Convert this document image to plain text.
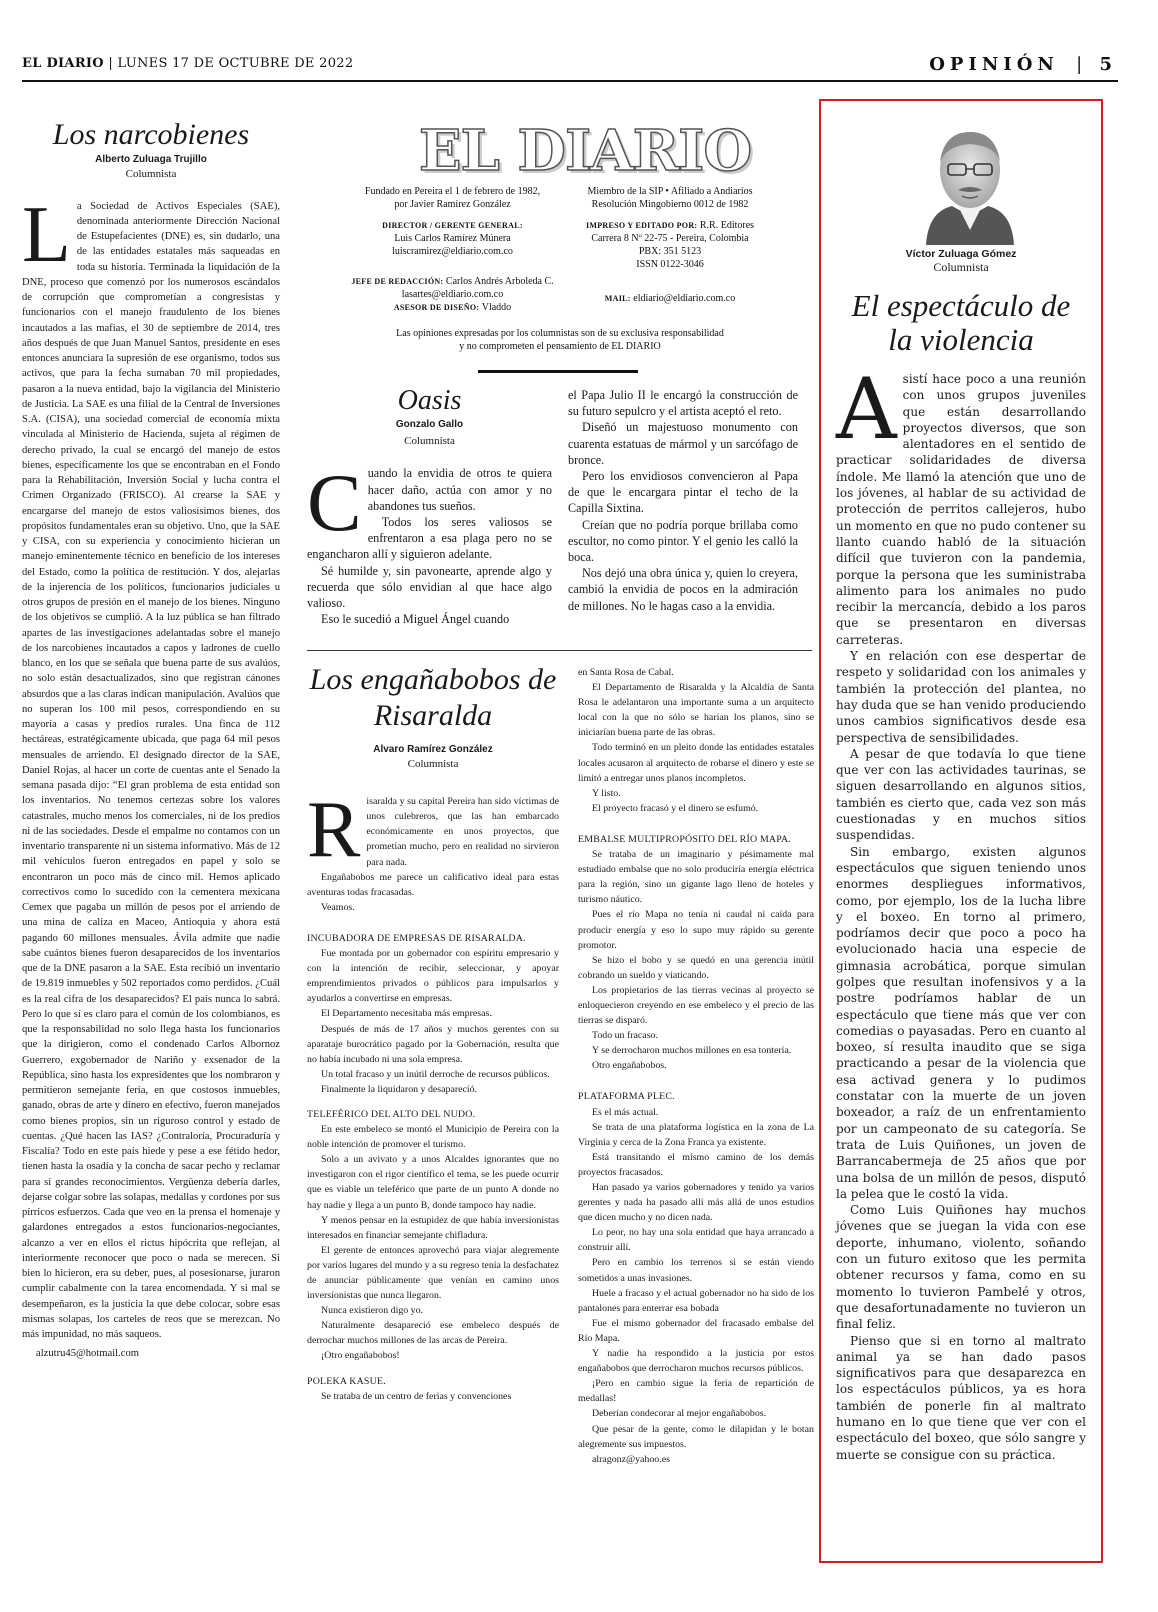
EL DIARIO | LUNES 17 DE OCTUBRE DE 2022	OPINIÓN | 5
Los narcobienes
Alberto Zuluaga Trujillo
Columnista

La Sociedad de Activos Especiales (SAE), denominada anteriormente Dirección Nacional de Estupefacientes (DNE) es, sin dudarlo, una de las entidades estatales más saqueadas en toda su historia. Terminada la liquidación de la DNE, proceso que comenzó por los numerosos escándalos de corrupción que comprometían a congresistas y funcionarios con el manejo fraudulento de los bienes incautados a las mafias, el 30 de septiembre de 2014, tres años después de que Juan Manuel Santos, presidente en eses entonces anunciara la supresión de ese organismo, todos sus activos, que para la fecha sumaban 70 mil propiedades, pasaron a la nueva entidad, bajo la vigilancia del Ministerio de Justicia. La SAE es una filial de la Central de Inversiones S.A. (CISA), una sociedad comercial de economía mixta vinculada al Ministerio de Hacienda, sujeta al régimen de derecho privado, la cual se encargó del manejo de estos bienes, específicamente los que se encontraban en el Fondo para la Rehabilitación, Inversión Social y lucha contra el Crimen Organizado (FRISCO). Al crearse la SAE y encargarse del manejo de estos valiosísimos bienes, dos propósitos fundamentales eran su objetivo. Uno, que la SAE y CISA, con su experiencia y conocimiento hicieran un manejo eminentemente técnico en beneficio de los intereses del Estado, como la política de restitución. Y dos, alejarlas de la injerencia de los políticos, funcionarios judiciales u otros grupos de presión en el manejo de los bienes. Ninguno de los objetivos se cumplió. A la luz pública se han filtrado apartes de las investigaciones adelantadas sobre el manejo de los narcobienes incautados a capos y ladrones de cuello blanco, en los que se señala que buena parte de sus avalúos, no solo están desactualizados, sino que registran cánones absurdos que a las claras indican manipulación. Avalúos que no superan los 100 mil pesos, correspondiendo en su mayoría a casas y predios rurales. Una finca de 112 hectáreas, estratégicamente ubicada, que paga 64 mil pesos mensuales de arriendo. El designado director de la SAE, Daniel Rojas, al hacer un corte de cuentas ante el Senado la semana pasada dijo: “El gran problema de esta entidad son los inventarios. No tenemos certezas sobre los valores catastrales, mucho menos los comerciales, ni de los predios ni de las sociedades. Desde el empalme no contamos con un inventario transparente ni un sistema informativo. Más de 12 mil vehículos fueron entregados en papel y solo se encontraron un poco más de cinco mil. Hemos aplicado correctivos como lo sucedido con la cementera mexicana Cemex que pagaba un millón de pesos por el arriendo de una mina de caliza en Maceo, Antioquia y ahora está pagando 60 millones mensuales. Ávila admite que nadie sabe cuántos bienes fueron desaparecidos de los inventarios que de la DNE pasaron a la SAE. Esta recibió un inventario de 19.819 inmuebles y 502 reportados como perdidos. ¿Cuál es la real cifra de los desaparecidos? El país nunca lo sabrá. Pero lo que sí es claro para el común de los colombianos, es que la responsabilidad no solo llega hasta los funcionarios que la dirigieron, como el condenado Carlos Albornoz Guerrero, exgobernador de Nariño y exsenador de la República, sino hasta los expresidentes que los nombraron y permitieron semejante feria, en que costosos inmuebles, ganado, obras de arte y dinero en efectivo, fueron manejados como bienes propios, sin un riguroso control y estado de cuentas. ¿Qué hacen las IAS? ¿Contraloría, Procuraduría y Fiscalía? Todo en este país hiede y pese a ese fétido hedor, tienen hasta la osadía y la concha de sacar pecho y reclamar para sí grandes reconocimientos. Vergüenza debería darles, dejarse colgar sobre las solapas, medallas y cordones por sus pírricos esfuerzos. Cada que veo en la prensa el homenaje y galardones entregados a estos funcionarios-negociantes, alcanzo a ver en ellos el rictus hipócrita que reflejan, al interiormente reconocer que poco o nada se merecen. Si bien lo hicieron, era su deber, pues, al posesionarse, juraron cumplir cabalmente con la tarea encomendada. Y si mal se desempeñaron, es la justicia la que debe colocar, sobre esas mismas solapas, los carteles de reos que se merezcan. No más impunidad, no más saqueos.

alzutru45@hotmail.com

EL DIARIO
Fundado en Pereira el 1 de febrero de 1982,
por Javier Ramírez González
DIRECTOR / GERENTE GENERAL:
Luis Carlos Ramírez Múnera
luiscramirez@eldiario.com.co
Miembro de la SIP • Afiliado a Andiarios
Resolución Mingobierno 0012 de 1982
IMPRESO Y EDITADO POR: R.R. Editores
Carrera 8 Nº 22-75 - Pereira, Colombia
PBX: 351 5123
ISSN 0122-3046
JEFE DE REDACCIÓN: Carlos Andrés Arboleda C.
lasartes@eldiario.com.co
ASESOR DE DISEÑO: Vladdo
MAIL: eldiario@eldiario.com.co
Las opiniones expresadas por los columnistas son de su exclusiva responsabilidad
y no comprometen el pensamiento de EL DIARIO
Oasis
Gonzalo Gallo
Columnista

Cuando la envidia de otros te quiera hacer daño, actúa con amor y no abandones tus sueños.

Todos los seres valiosos se enfrentaron a esa plaga pero no se engancharon allí y siguieron adelante.

Sé humilde y, sin pavonearte, aprende algo y recuerda que sólo envidian al que hace algo valioso.

Eso le sucedió a Miguel Ángel cuando

el Papa Julio II le encargó la construcción de su futuro sepulcro y el artista aceptó el reto.

Diseñó un majestuoso monumento con cuarenta estatuas de mármol y un sarcófago de bronce.

Pero los envidiosos convencieron al Papa de que le encargara pintar el techo de la Capilla Sixtina.

Creían que no podría porque brillaba como escultor, no como pintor. Y el genio les calló la boca.

Nos dejó una obra única y, quien lo creyera, cambió la envidia de pocos en la admiración de millones. No le hagas caso a la envidia.

Los engañabobos de
Risaralda
Alvaro Ramírez González
Columnista

Risaralda y su capital Pereira han sido víctimas de unos culebreros, que las han embarcado económicamente en unos proyectos, que prometían mucho, pero en realidad no sirvieron para nada.

Engañabobos me parece un calificativo ideal para estas aventuras todas fracasadas.

Veamos.

INCUBADORA DE EMPRESAS DE RISARALDA.

Fue montada por un gobernador con espíritu empresario y con la intención de recibir, seleccionar, y apoyar emprendimientos privados o públicos para impulsarlos y ayudarlos a convertirse en empresas.

El Departamento necesitaba más empresas.

Después de más de 17 años y muchos gerentes con su aparataje burocrático pagado por la Gobernación, resulta que no había incubado ni una sola empresa.

Un total fracaso y un inútil derroche de recursos públicos.

Finalmente la liquidaron y desapareció.

TELEFÉRICO DEL ALTO DEL NUDO.

En este embeleco se montó el Municipio de Pereira con la noble intención de promover el turismo.

Solo a un avivato y a unos Alcaldes ignorantes que no investigaron con el rigor científico el tema, se les puede ocurrir que es viable un teleférico que parte de un punto A donde no hay nadie y llega a un punto B, donde tampoco hay nadie.

Y menos pensar en la estupidez de que había inversionistas interesados en financiar semejante chifladura.

El gerente de entonces aprovechó para viajar alegremente por varios lugares del mundo y a su regreso tenía la desfachatez de anunciar públicamente que venían en camino unos inversionistas que nunca llegaron.

Nunca existieron digo yo.

Naturalmente desapareció ese embeleco después de derrochar muchos millones de las arcas de Pereira.

¡Otro engañabobos!

POLEKA KASUE.

Se trataba de un centro de ferias y convenciones

en Santa Rosa de Cabal.

El Departamento de Risaralda y la Alcaldía de Santa Rosa le adelantaron una importante suma a un arquitecto local con la que no sólo se harían los planos, sino se iniciarían buena parte de las obras.

Todo terminó en un pleito donde las entidades estatales locales acusaron al arquitecto de robarse el dinero y este se limitó a entregar unos planos incompletos.

Y listo.

El proyecto fracasó y el dinero se esfumó.

EMBALSE MULTIPROPÓSITO DEL RÍO MAPA.

Se trataba de un imaginario y pésimamente mal estudiado embalse que no solo produciría energía eléctrica para la región, sino un gigante lago lleno de hoteles y turismo náutico.

Pues el río Mapa no tenía ni caudal ni caída para producir energía y eso lo supo muy rápido su gerente promotor.

Se hizo el bobo y se quedó en una gerencia inútil cobrando un sueldo y viaticando.

Los propietarios de las tierras vecinas al proyecto se enloquecieron creyendo en ese embeleco y el precio de las tierras se disparó.

Todo un fracaso.

Y se derrocharon muchos millones en esa tontería.

Otro engañabobos.

PLATAFORMA PLEC.

Es el más actual.

Se trata de una plataforma logística en la zona de La Virginia y cerca de la Zona Franca ya existente.

Está transitando el mismo camino de los demás proyectos fracasados.

Han pasado ya varios gobernadores y tenido ya varios gerentes y nada ha pasado allí más allá de unos estudios que dicen mucho y no dicen nada.

Lo peor, no hay una sola entidad que haya arrancado a construir allí.

Pero en cambio los terrenos si se están viendo sometidos a unas invasiones.

Huele a fracaso y el actual gobernador no ha sido de los pantalones para enterrar esa bobada

Fue el mismo gobernador del fracasado embalse del Río Mapa.

Y nadie ha respondido a la justicia por estos engañabobos que derrocharon muchos recursos públicos.

¡Pero en cambio sigue la feria de repartición de medallas!

Deberían condecorar al mejor engañabobos.

Que pesar de la gente, como le dilapidan y le botan alegremente sus impuestos.

alragonz@yahoo.es

Víctor Zuluaga Gómez
Columnista
El espectáculo de
la violencia

Asistí hace poco a una reunión con unos grupos juveniles que están desarrollando proyectos diversos, que son alentadores en el sentido de practicar solidaridades de diversa índole. Me llamó la atención que uno de los jóvenes, al hablar de su actividad de protección de perritos callejeros, hubo un momento en que no pudo contener su llanto cuando habló de la situación difícil que tuvieron con la pandemia, porque la persona que les suministraba alimento para los animales no pudo recibir la mercancía, debido a los paros que se presentaron en diversas carreteras.

Y en relación con ese despertar de respeto y solidaridad con los animales y también la protección del plantea, no hay duda que se han venido produciendo unos cambios significativos desde esa perspectiva de sensibilidades.

A pesar de que todavía lo que tiene que ver con las actividades taurinas, se siguen desarrollando en algunos sitios, también es cierto que, cada vez son más cuestionadas y en muchos sitios suspendidas.

Sin embargo, existen algunos espectáculos que siguen teniendo unos enormes despliegues informativos, como, por ejemplo, los de la lucha libre y el boxeo. En torno al primero, podríamos decir que poco a poco ha evolucionado hacia una especie de gimnasia acrobática, porque simulan golpes que resultan inofensivos y a la postre podríamos hablar de un espectáculo que tiene más que ver con comedias o payasadas. Pero en cuanto al boxeo, sí resulta inaudito que se siga practicando a pesar de la violencia que esa activad genera y lo pudimos constatar con la muerte de un joven boxeador, a raíz de un enfrentamiento por un campeonato de su categoría. Se trata de Luis Quiñones, un joven de Barrancabermeja de 25 años que por una bolsa de un millón de pesos, disputó la pelea que le costó la vida.

Como Luis Quiñones hay muchos jóvenes que se juegan la vida con ese deporte, inhumano, violento, soñando con un futuro exitoso que les permita obtener recursos y fama, como en su momento lo tuvieron Pambelé y otros, que desafortunadamente no tuvieron un final feliz.

Pienso que si en torno al maltrato animal ya se han dado pasos significativos para que desaparezca en los espectáculos públicos, ya es hora también de ponerle fin al maltrato humano en lo que tiene que ver con el espectáculo del boxeo, que sólo sangre y muerte se consigue con su práctica.
